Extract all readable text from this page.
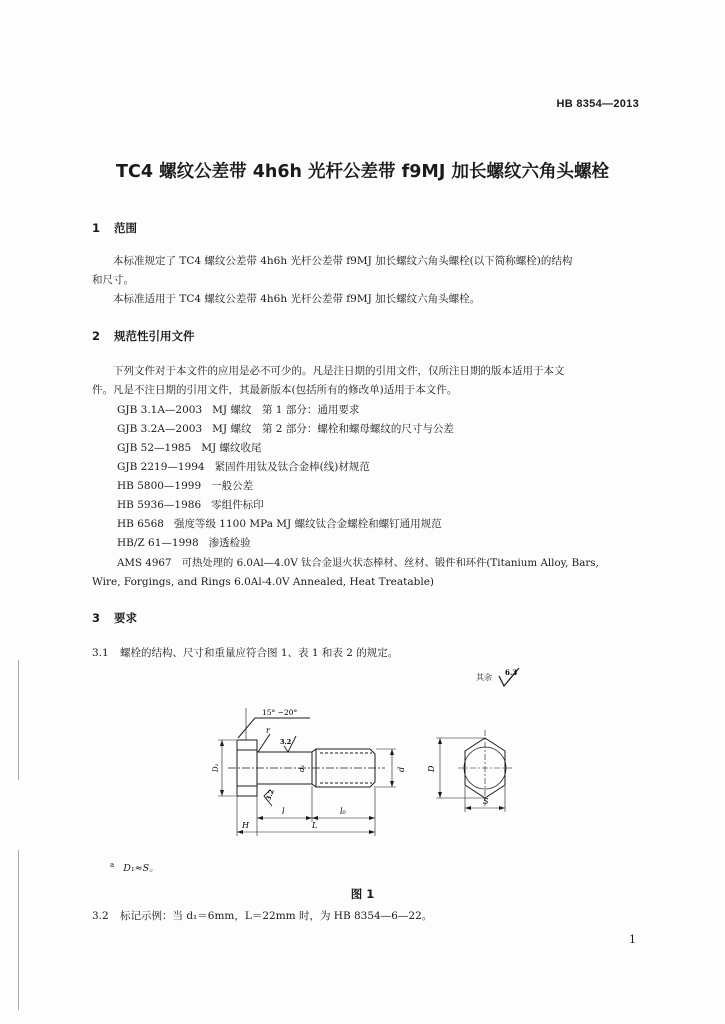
HB 8354—2013
TC4 螺纹公差带 4h6h 光杆公差带 f9MJ 加长螺纹六角头螺栓
1 范围
本标准规定了 TC4 螺纹公差带 4h6h 光杆公差带 f9MJ 加长螺纹六角头螺栓(以下简称螺栓)的结构
和尺寸。
本标准适用于 TC4 螺纹公差带 4h6h 光杆公差带 f9MJ 加长螺纹六角头螺栓。
2 规范性引用文件
下列文件对于本文件的应用是必不可少的。凡是注日期的引用文件，仅所注日期的版本适用于本文
件。凡是不注日期的引用文件，其最新版本(包括所有的修改单)适用于本文件。
GJB 3.1A—2003 MJ 螺纹　第 1 部分：通用要求
GJB 3.2A—2003 MJ 螺纹　第 2 部分：螺栓和螺母螺纹的尺寸与公差
GJB 52—1985 MJ 螺纹收尾
GJB 2219—1994 紧固件用钛及钛合金棒(线)材规范
HB 5800—1999 一般公差
HB 5936—1986 零组件标印
HB 6568 强度等级 1100 MPa MJ 螺纹钛合金螺栓和螺钉通用规范
HB/Z 61—1998 渗透检验
AMS 4967　可热处理的 6.0Al—4.0V 钛合金退火状态棒材、丝材、锻件和环件(Titanium Alloy, Bars,
Wire, Forgings, and Rings 6.0Al-4.0V Annealed, Heat Treatable)
3 要求
3.1 螺栓的结构、尺寸和重量应符合图 1、表 1 和表 2 的规定。
其余
6.3
15° ~20°
r
3.2
3.2
D₁	d₁	d
l	l₀
H	L
D
S
$^a$ D₁≈S。
图 1
3.2 标记示例：当 d₁＝6mm，L＝22mm 时，为 HB 8354—6—22。
1
